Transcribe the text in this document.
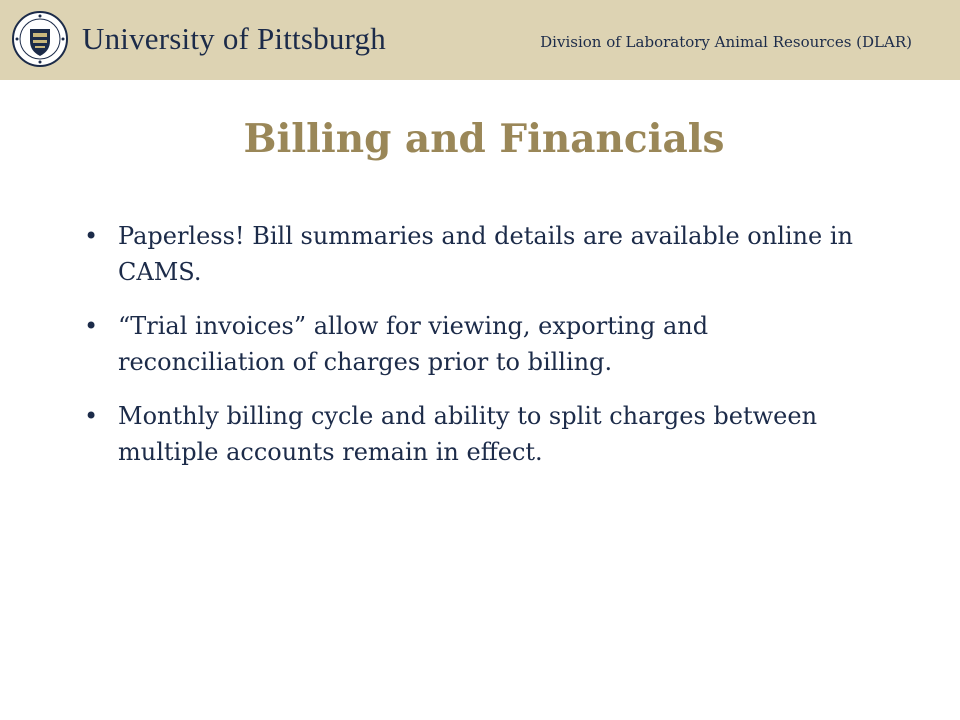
University of Pittsburgh	Division of Laboratory Animal Resources (DLAR)
Billing and Financials
• Paperless! Bill summaries and details are available online in CAMS.
• “Trial invoices” allow for viewing, exporting and reconciliation of charges prior to billing.
• Monthly billing cycle and ability to split charges between multiple accounts remain in effect.
